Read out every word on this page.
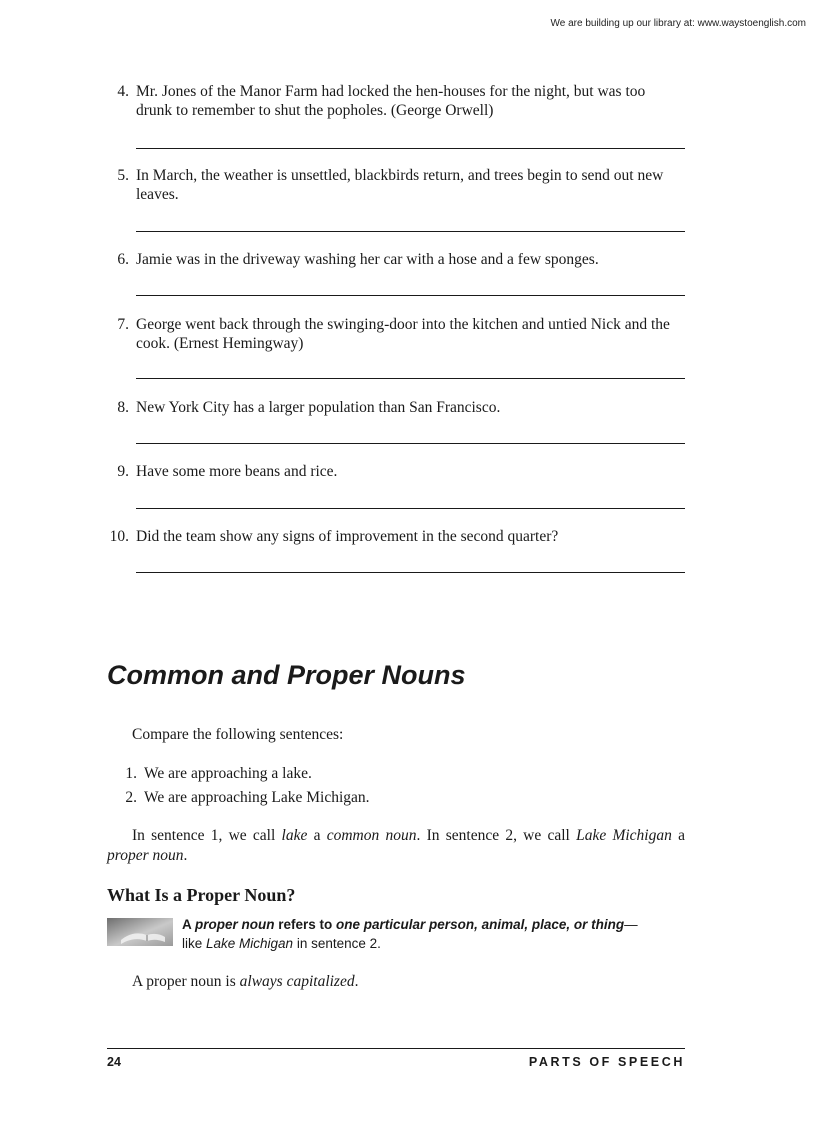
We are building up our library at: www.waystoenglish.com
4. Mr. Jones of the Manor Farm had locked the hen-houses for the night, but was too drunk to remember to shut the popholes. (George Orwell)
5. In March, the weather is unsettled, blackbirds return, and trees begin to send out new leaves.
6. Jamie was in the driveway washing her car with a hose and a few sponges.
7. George went back through the swinging-door into the kitchen and untied Nick and the cook. (Ernest Hemingway)
8. New York City has a larger population than San Francisco.
9. Have some more beans and rice.
10. Did the team show any signs of improvement in the second quarter?
Common and Proper Nouns
Compare the following sentences:
1. We are approaching a lake.
2. We are approaching Lake Michigan.
In sentence 1, we call lake a common noun. In sentence 2, we call Lake Michigan a proper noun.
What Is a Proper Noun?
A proper noun refers to one particular person, animal, place, or thing—like Lake Michigan in sentence 2.
A proper noun is always capitalized.
24	PARTS OF SPEECH
